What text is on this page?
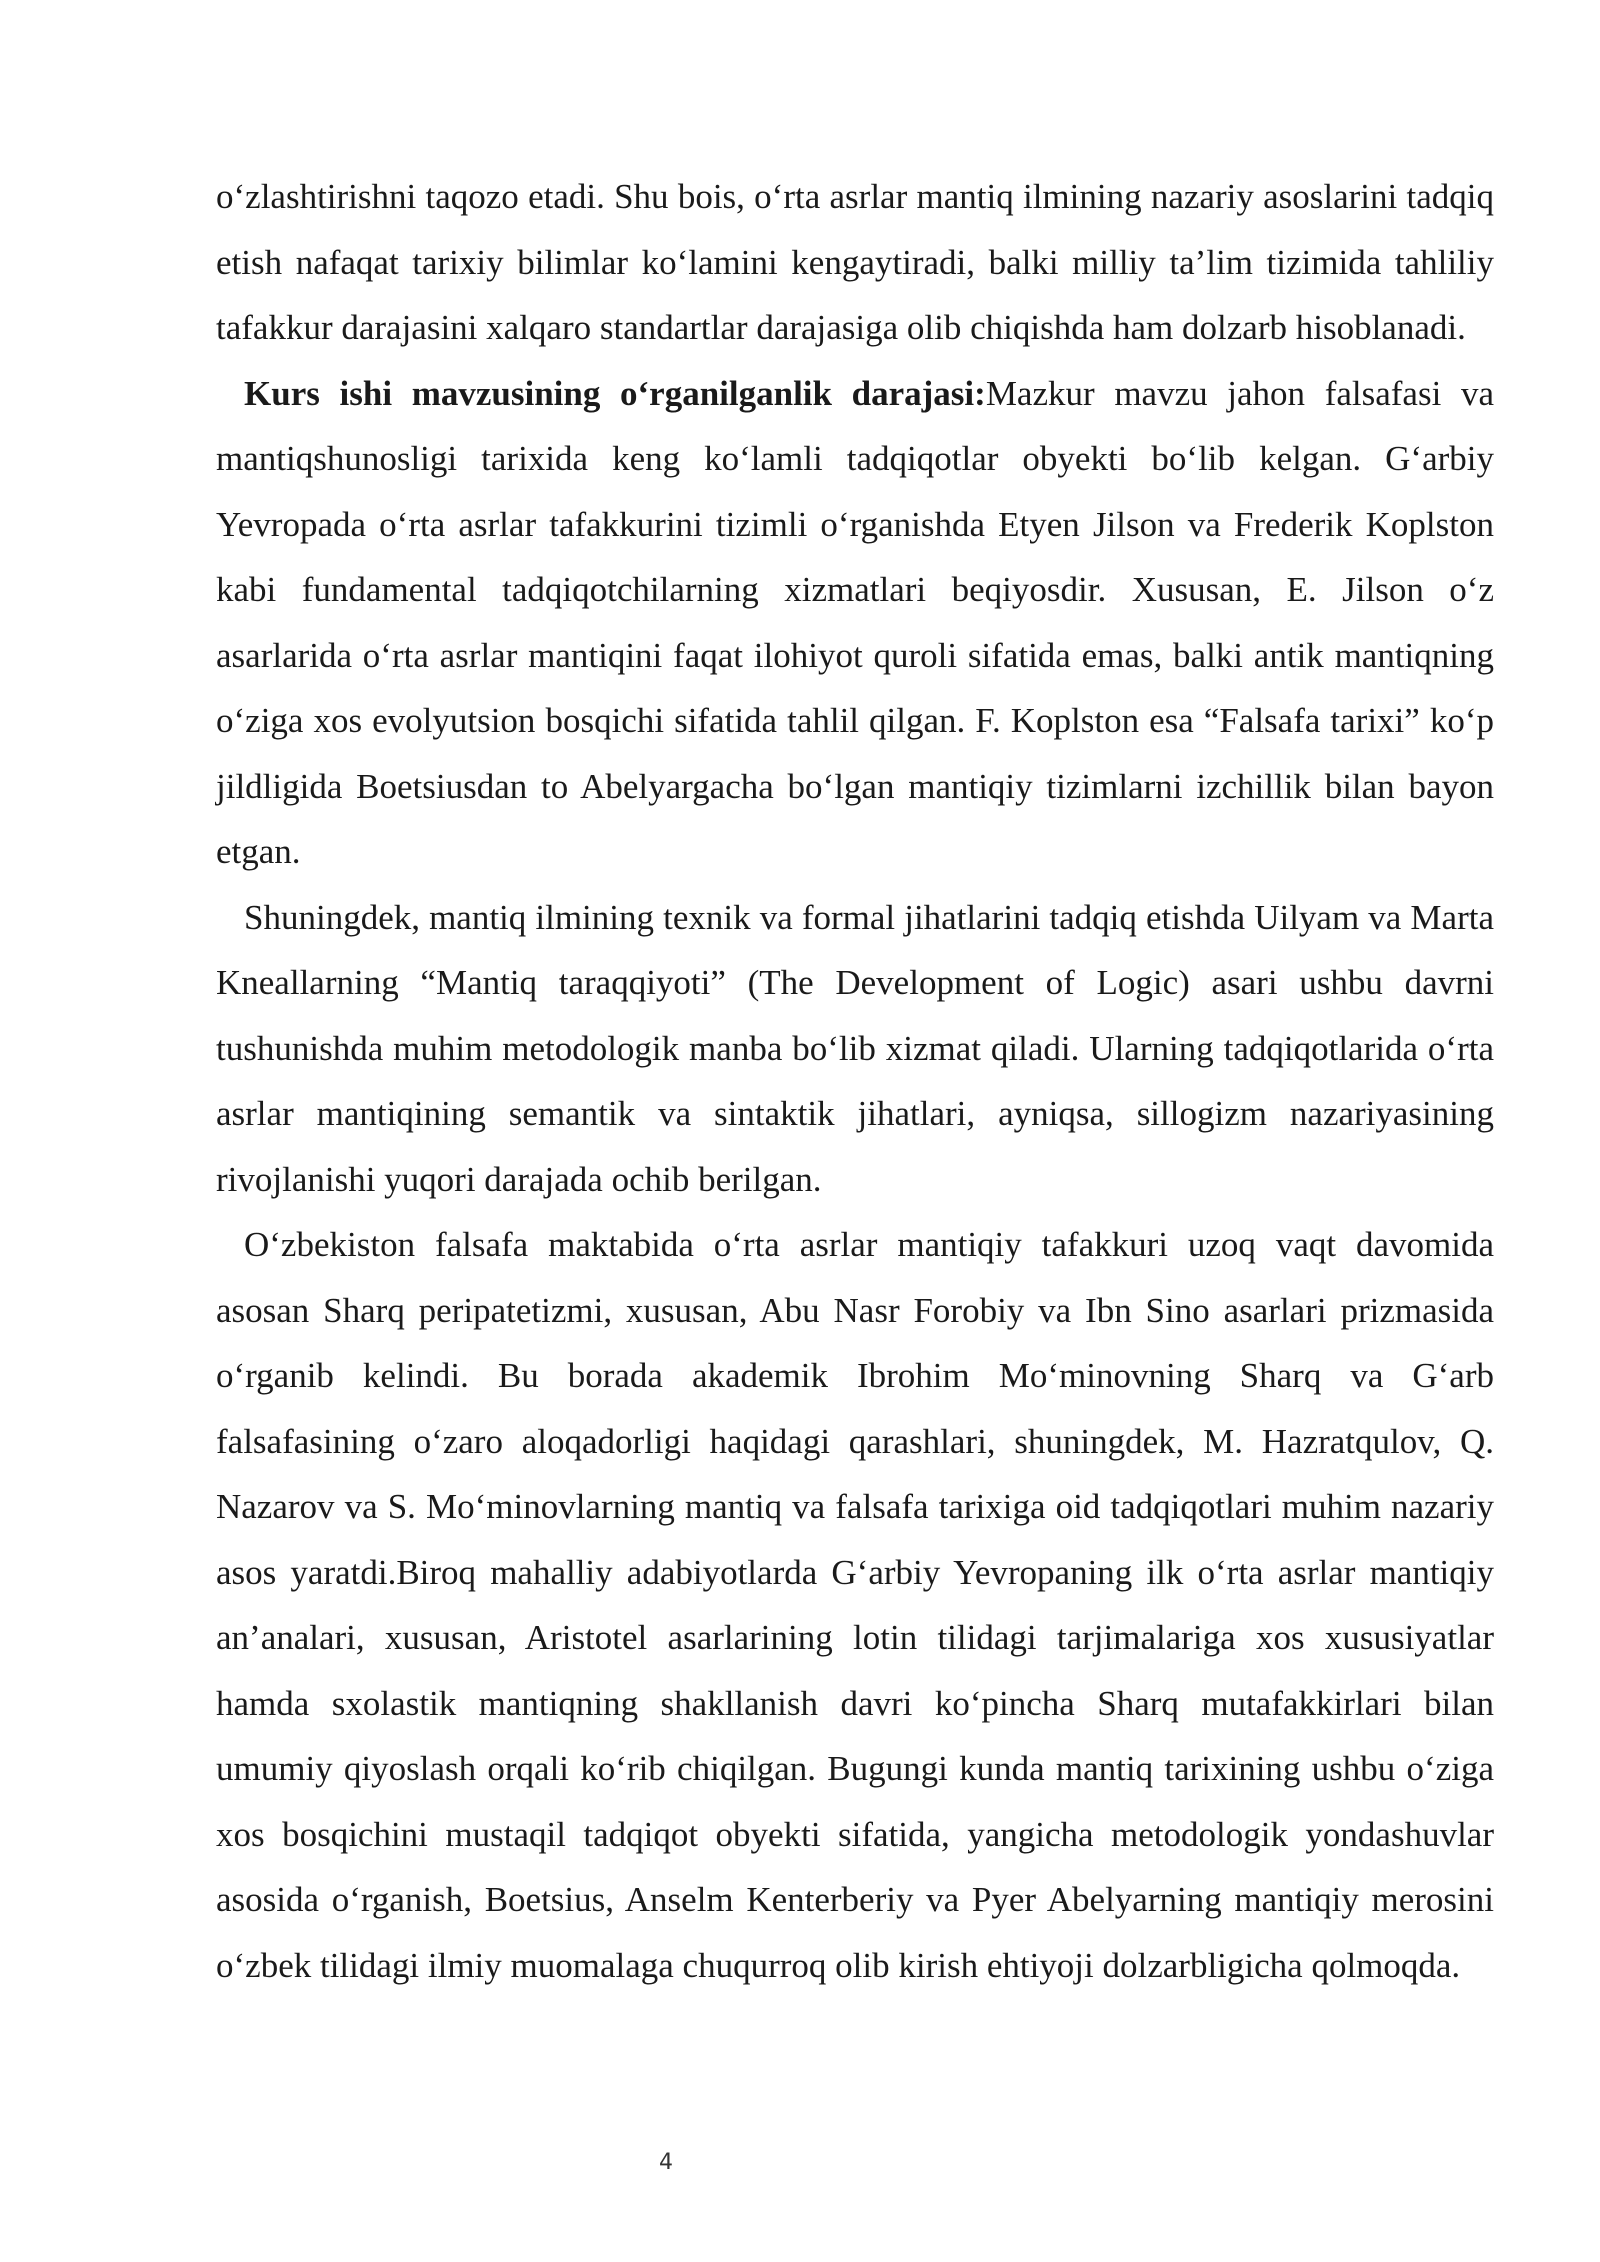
o‘zlashtirishni taqozo etadi. Shu bois, o‘rta asrlar mantiq ilmining nazariy asoslarini tadqiq etish nafaqat tarixiy bilimlar ko‘lamini kengaytiradi, balki milliy ta’lim tizimida tahliliy tafakkur darajasini xalqaro standartlar darajasiga olib chiqishda ham dolzarb hisoblanadi.

Kurs ishi mavzusining o‘rganilganlik darajasi:Mazkur mavzu jahon falsafasi va mantiqshunosligi tarixida keng ko‘lamli tadqiqotlar obyekti bo‘lib kelgan. G‘arbiy Yevropada o‘rta asrlar tafakkurini tizimli o‘rganishda Etyen Jilson va Frederik Koplston kabi fundamental tadqiqotchilarning xizmatlari beqiyosdir. Xususan, E. Jilson o‘z asarlarida o‘rta asrlar mantiqini faqat ilohiyot quroli sifatida emas, balki antik mantiqning o‘ziga xos evolyutsion bosqichi sifatida tahlil qilgan. F. Koplston esa “Falsafa tarixi” ko‘p jildligida Boetsiusdan to Abelyargacha bo‘lgan mantiqiy tizimlarni izchillik bilan bayon etgan.

Shuningdek, mantiq ilmining texnik va formal jihatlarini tadqiq etishda Uilyam va Marta Kneallarning “Mantiq taraqqiyoti” (The Development of Logic) asari ushbu davrni tushunishda muhim metodologik manba bo‘lib xizmat qiladi. Ularning tadqiqotlarida o‘rta asrlar mantiqining semantik va sintaktik jihatlari, ayniqsa, sillogizm nazariyasining rivojlanishi yuqori darajada ochib berilgan.

O‘zbekiston falsafa maktabida o‘rta asrlar mantiqiy tafakkuri uzoq vaqt davomida asosan Sharq peripatetizmi, xususan, Abu Nasr Forobiy va Ibn Sino asarlari prizmasida o‘rganib kelindi. Bu borada akademik Ibrohim Mo‘minovning Sharq va G‘arb falsafasining o‘zaro aloqadorligi haqidagi qarashlari, shuningdek, M. Hazratqulov, Q. Nazarov va S. Mo‘minovlarning mantiq va falsafa tarixiga oid tadqiqotlari muhim nazariy asos yaratdi.Biroq mahalliy adabiyotlarda G‘arbiy Yevropaning ilk o‘rta asrlar mantiqiy an’analari, xususan, Aristotel asarlarining lotin tilidagi tarjimalariga xos xususiyatlar hamda sxolastik mantiqning shakllanish davri ko‘pincha Sharq mutafakkirlari bilan umumiy qiyoslash orqali ko‘rib chiqilgan. Bugungi kunda mantiq tarixining ushbu o‘ziga xos bosqichini mustaqil tadqiqot obyekti sifatida, yangicha metodologik yondashuvlar asosida o‘rganish, Boetsius, Anselm Kenterberiy va Pyer Abelyarning mantiqiy merosini o‘zbek tilidagi ilmiy muomalaga chuqurroq olib kirish ehtiyoji dolzarbligicha qolmoqda.

4
